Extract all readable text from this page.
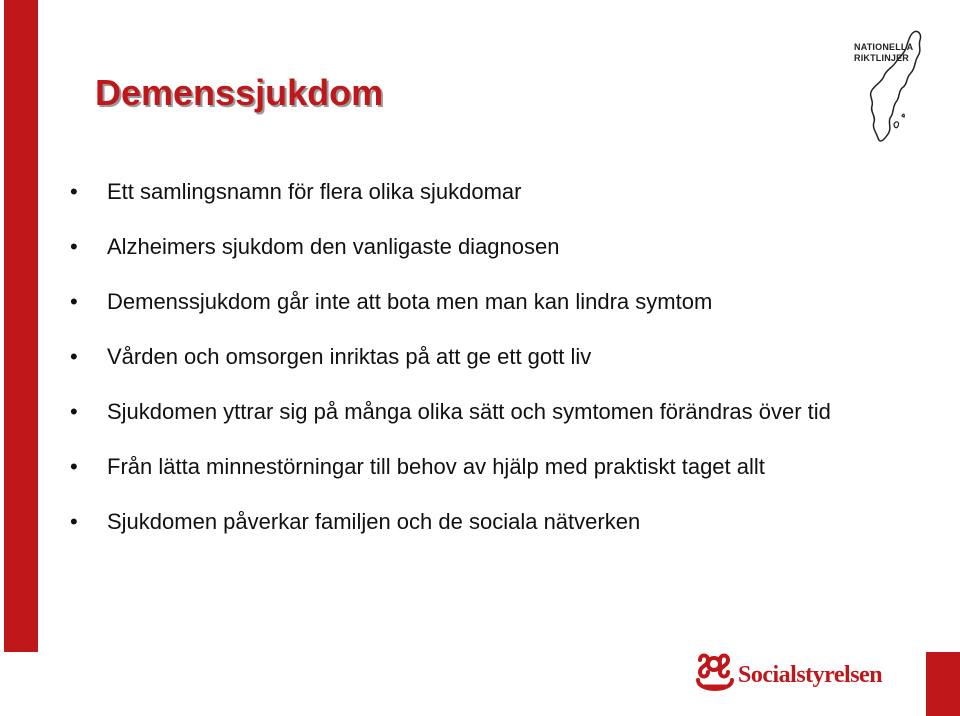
Demenssjukdom
• Ett samlingsnamn för flera olika sjukdomar
• Alzheimers sjukdom den vanligaste diagnosen
• Demenssjukdom går inte att bota men man kan lindra symtom
• Vården och omsorgen inriktas på att ge ett gott liv
• Sjukdomen yttrar sig på många olika sätt och symtomen förändras över tid
• Från lätta minnestörningar till behov av hjälp med praktiskt taget allt
• Sjukdomen påverkar familjen och de sociala nätverken
NATIONELLA
RIKTLINJER
Socialstyrelsen
